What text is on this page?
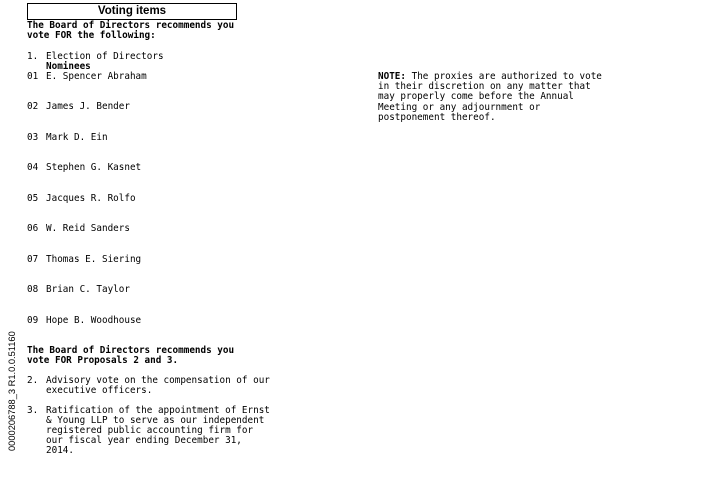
Voting items
The Board of Directors recommends you
vote FOR the following:
1. Election of Directors
Nominees
01 E. Spencer Abraham
02 James J. Bender
03 Mark D. Ein
04 Stephen G. Kasnet
05 Jacques R. Rolfo
06 W. Reid Sanders
07 Thomas E. Siering
08 Brian C. Taylor
09 Hope B. Woodhouse
The Board of Directors recommends you
vote FOR Proposals 2 and 3.
2. Advisory vote on the compensation of our
executive officers.
3. Ratification of the appointment of Ernst
& Young LLP to serve as our independent
registered public accounting firm for
our fiscal year ending December 31,
2014.
NOTE: The proxies are authorized to vote in their discretion on any matter that may properly come before the Annual Meeting or any adjournment or postponement thereof.
0000206788_3 R1.0.0.51160
